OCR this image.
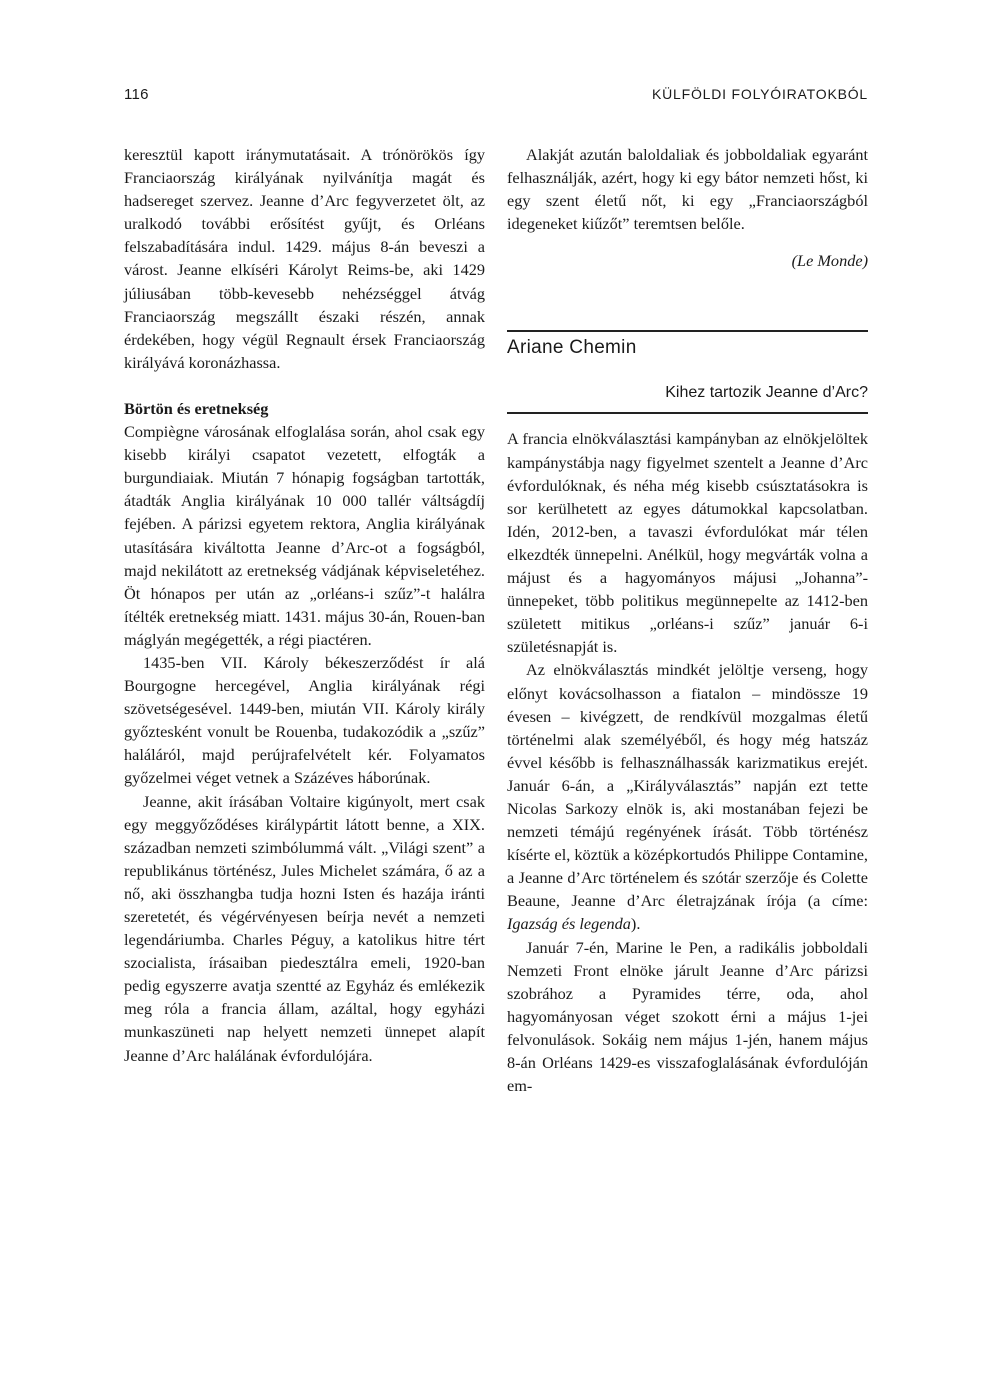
116	KÜLFÖLDI FOLYÓIRATOKBÓL

keresztül kapott iránymutatásait. A trónörökös így Franciaország királyának nyilvánítja magát és hadsereget szervez. Jeanne d’Arc fegyverzetet ölt, az uralkodó további erősítést gyűjt, és Orléans felszabadítására indul. 1429. május 8-án beveszi a várost. Jeanne elkíséri Károlyt Reims-be, aki 1429 júliusában több-kevesebb nehézséggel átvág Franciaország megszállt északi részén, annak érdekében, hogy végül Regnault érsek Franciaország királyává koronázhassa.

Börtön és eretnekség

Compiègne városának elfoglalása során, ahol csak egy kisebb királyi csapatot vezetett, elfogták a burgundiaiak. Miután 7 hónapig fogságban tartották, átadták Anglia királyának 10 000 tallér váltságdíj fejében. A párizsi egyetem rektora, Anglia királyának utasítására kiváltotta Jeanne d’Arc-ot a fogságból, majd nekilátott az eretnekség vádjának képviseletéhez. Öt hónapos per után az „orléans-i szűz”-t halálra ítélték eretnekség miatt. 1431. május 30-án, Rouen-ban máglyán megégették, a régi piactéren.

1435-ben VII. Károly békeszerződést ír alá Bourgogne hercegével, Anglia királyának régi szövetségesével. 1449-ben, miután VII. Károly király győztesként vonult be Rouenba, tudakozódik a „szűz” haláláról, majd perújrafelvételt kér. Folyamatos győzelmei véget vetnek a Százéves háborúnak.

Jeanne, akit írásában Voltaire kigúnyolt, mert csak egy meggyőződéses királypártit látott benne, a XIX. században nemzeti szimbólummá vált. „Világi szent” a republikánus történész, Jules Michelet számára, ő az a nő, aki összhangba tudja hozni Isten és hazája iránti szeretetét, és végérvényesen beírja nevét a nemzeti legendáriumba. Charles Péguy, a katolikus hitre tért szocialista, írásaiban piedesztálra emeli, 1920-ban pedig egyszerre avatja szentté az Egyház és emlékezik meg róla a francia állam, azáltal, hogy egyházi munkaszüneti nap helyett nemzeti ünnepet alapít Jeanne d’Arc halálának évfordulójára.

Alakját azután baloldaliak és jobboldaliak egyaránt felhasználják, azért, hogy ki egy bátor nemzeti hőst, ki egy szent életű nőt, ki egy „Franciaországból idegeneket kiűzőt” teremtsen belőle.

(Le Monde)

Ariane Chemin
Kihez tartozik Jeanne d’Arc?

A francia elnökválasztási kampányban az elnökjelöltek kampánystábja nagy figyelmet szentelt a Jeanne d’Arc évfordulóknak, és néha még kisebb csúsztatásokra is sor kerülhetett az egyes dátumokkal kapcsolatban. Idén, 2012-ben, a tavaszi évfordulókat már télen elkezdték ünnepelni. Anélkül, hogy megvárták volna a májust és a hagyományos májusi „Johanna”-ünnepeket, több politikus megünnepelte az 1412-ben született mitikus „orléans-i szűz” január 6-i születésnapját is.

Az elnökválasztás mindkét jelöltje verseng, hogy előnyt kovácsolhasson a fiatalon – mindössze 19 évesen – kivégzett, de rendkívül mozgalmas életű történelmi alak személyéből, és hogy még hatszáz évvel később is felhasználhassák karizmatikus erejét. Január 6-án, a „Királyválasztás” napján ezt tette Nicolas Sarkozy elnök is, aki mostanában fejezi be nemzeti témájú regényének írását. Több történész kísérte el, köztük a középkortudós Philippe Contamine, a Jeanne d’Arc történelem és szótár szerzője és Colette Beaune, Jeanne d’Arc életrajzának írója (a címe: Igazság és legenda).

Január 7-én, Marine le Pen, a radikális jobboldali Nemzeti Front elnöke járult Jeanne d’Arc párizsi szobrához a Pyramides térre, oda, ahol hagyományosan véget szokott érni a május 1-jei felvonulások. Sokáig nem május 1-jén, hanem május 8-án Orléans 1429-es visszafoglalásának évfordulóján em-
